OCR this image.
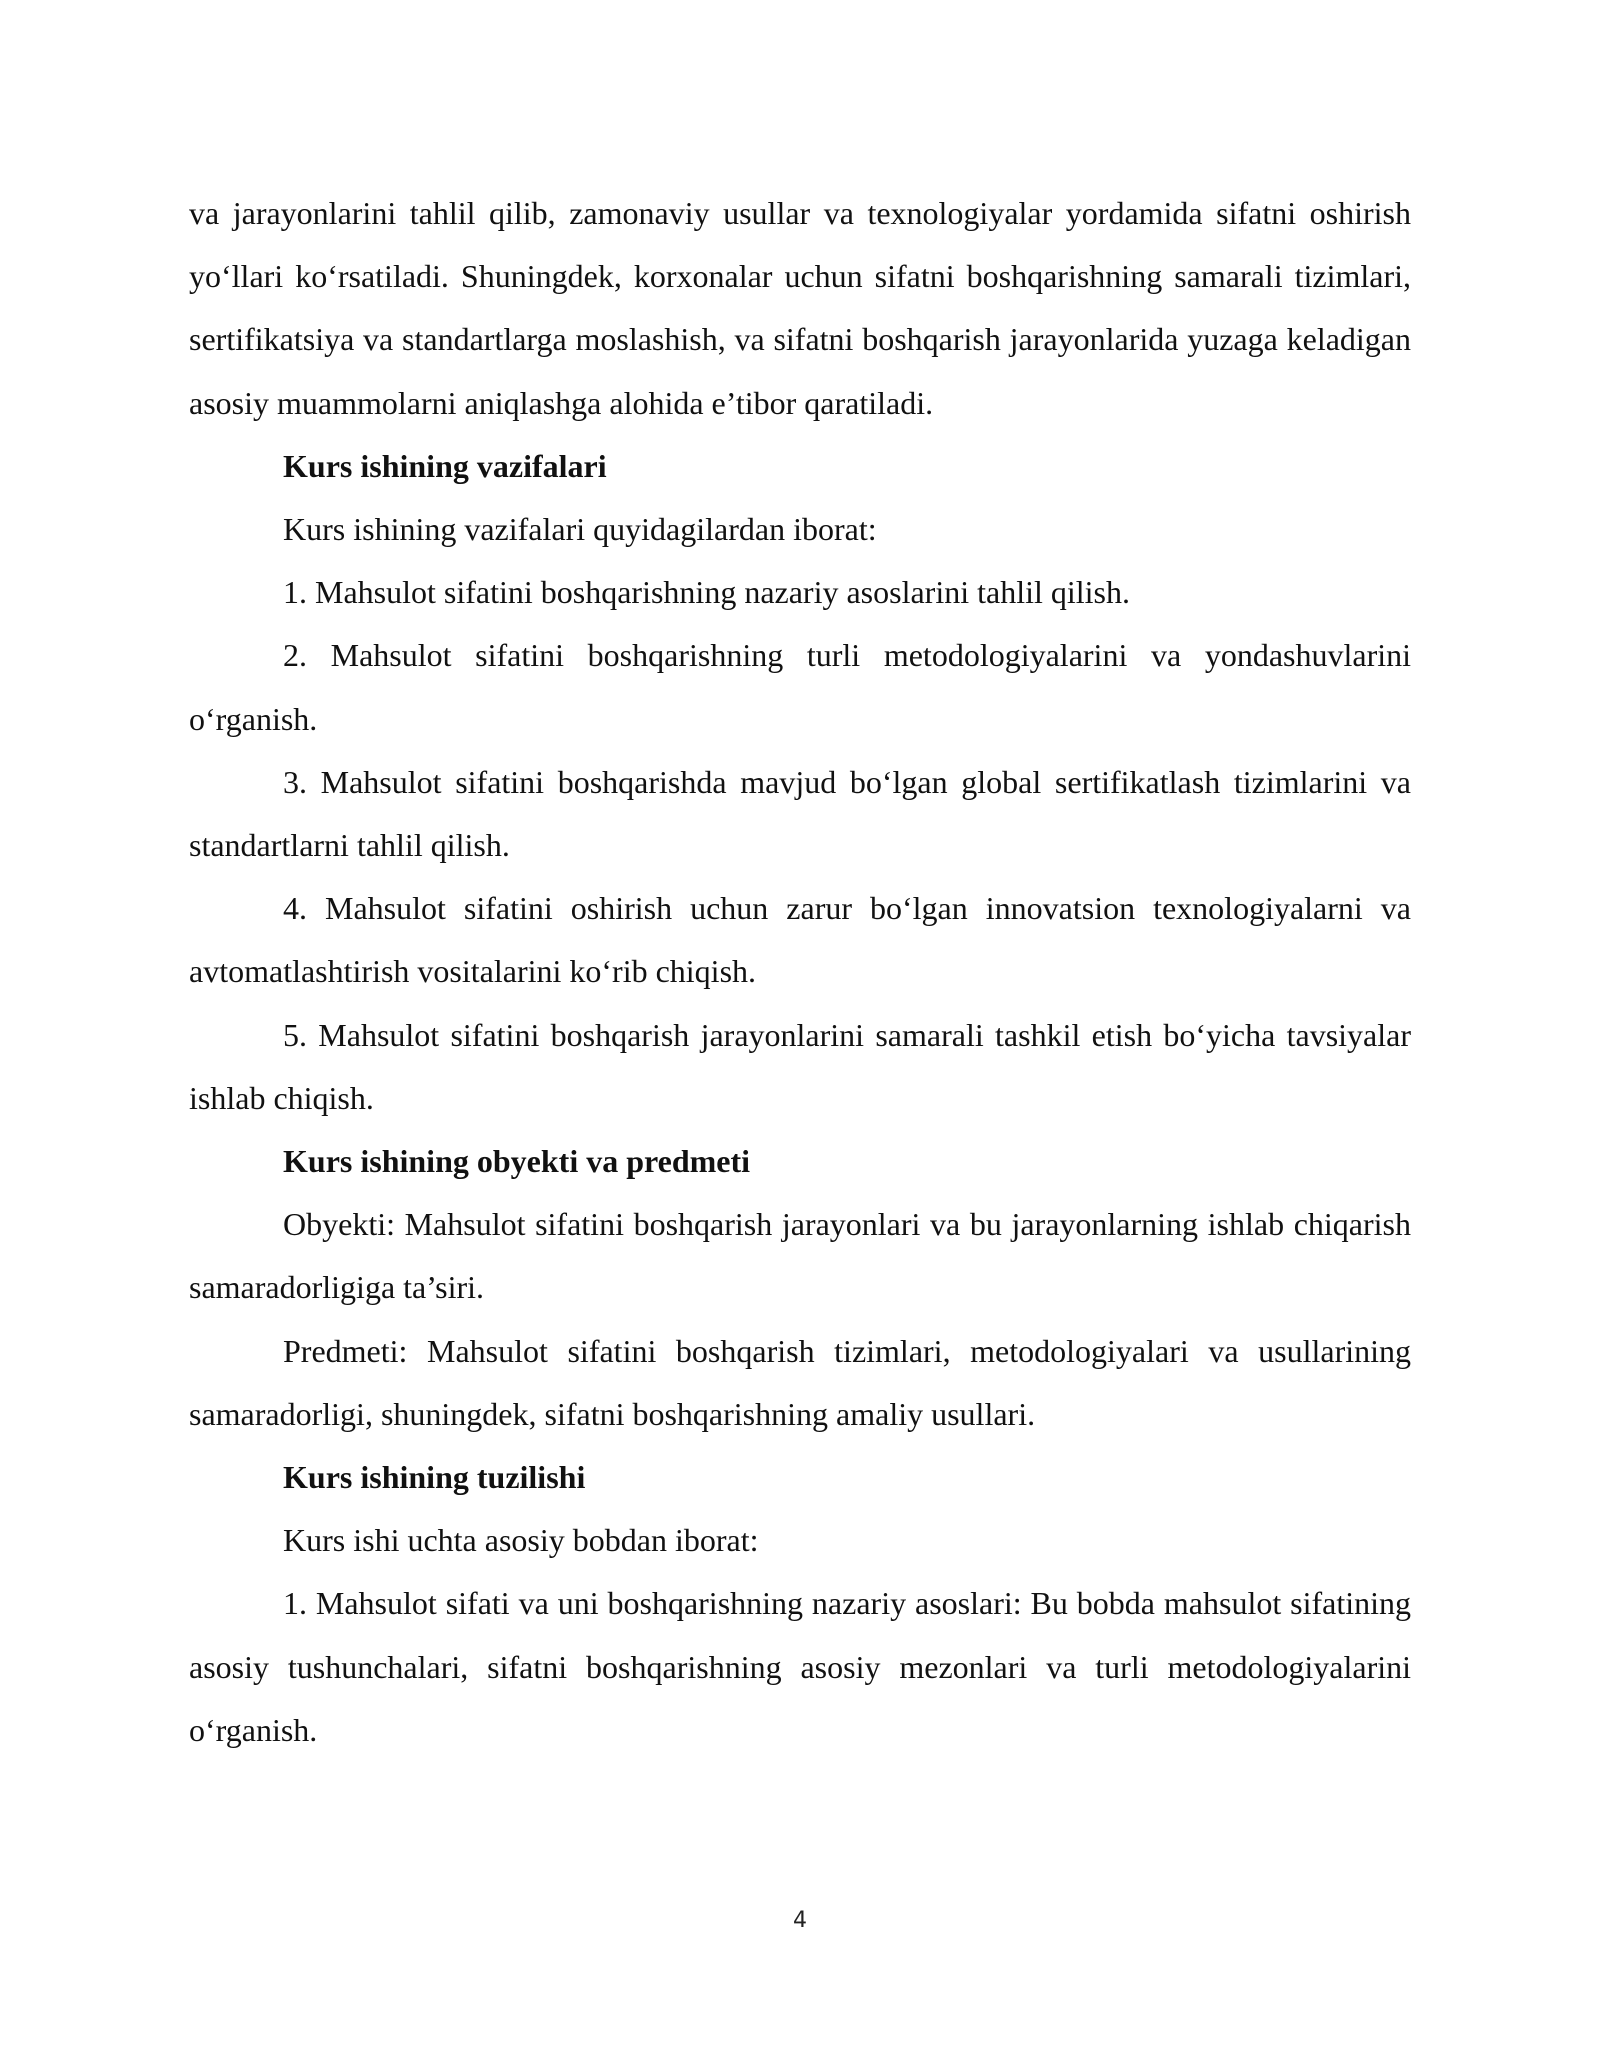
va jarayonlarini tahlil qilib, zamonaviy usullar va texnologiyalar yordamida sifatni oshirish yo‘llari ko‘rsatiladi. Shuningdek, korxonalar uchun sifatni boshqarishning samarali tizimlari, sertifikatsiya va standartlarga moslashish, va sifatni boshqarish jarayonlarida yuzaga keladigan asosiy muammolarni aniqlashga alohida e’tibor qaratiladi.

Kurs ishining vazifalari

Kurs ishining vazifalari quyidagilardan iborat:

1. Mahsulot sifatini boshqarishning nazariy asoslarini tahlil qilish.

2. Mahsulot sifatini boshqarishning turli metodologiyalarini va yondashuvlarini o‘rganish.

3. Mahsulot sifatini boshqarishda mavjud bo‘lgan global sertifikatlash tizimlarini va standartlarni tahlil qilish.

4. Mahsulot sifatini oshirish uchun zarur bo‘lgan innovatsion texnologiyalarni va avtomatlashtirish vositalarini ko‘rib chiqish.

5. Mahsulot sifatini boshqarish jarayonlarini samarali tashkil etish bo‘yicha tavsiyalar ishlab chiqish.

Kurs ishining obyekti va predmeti

Obyekti: Mahsulot sifatini boshqarish jarayonlari va bu jarayonlarning ishlab chiqarish samaradorligiga ta’siri.

Predmeti: Mahsulot sifatini boshqarish tizimlari, metodologiyalari va usullarining samaradorligi, shuningdek, sifatni boshqarishning amaliy usullari.

Kurs ishining tuzilishi

Kurs ishi uchta asosiy bobdan iborat:

1. Mahsulot sifati va uni boshqarishning nazariy asoslari: Bu bobda mahsulot sifatining asosiy tushunchalari, sifatni boshqarishning asosiy mezonlari va turli metodologiyalarini o‘rganish.

4
